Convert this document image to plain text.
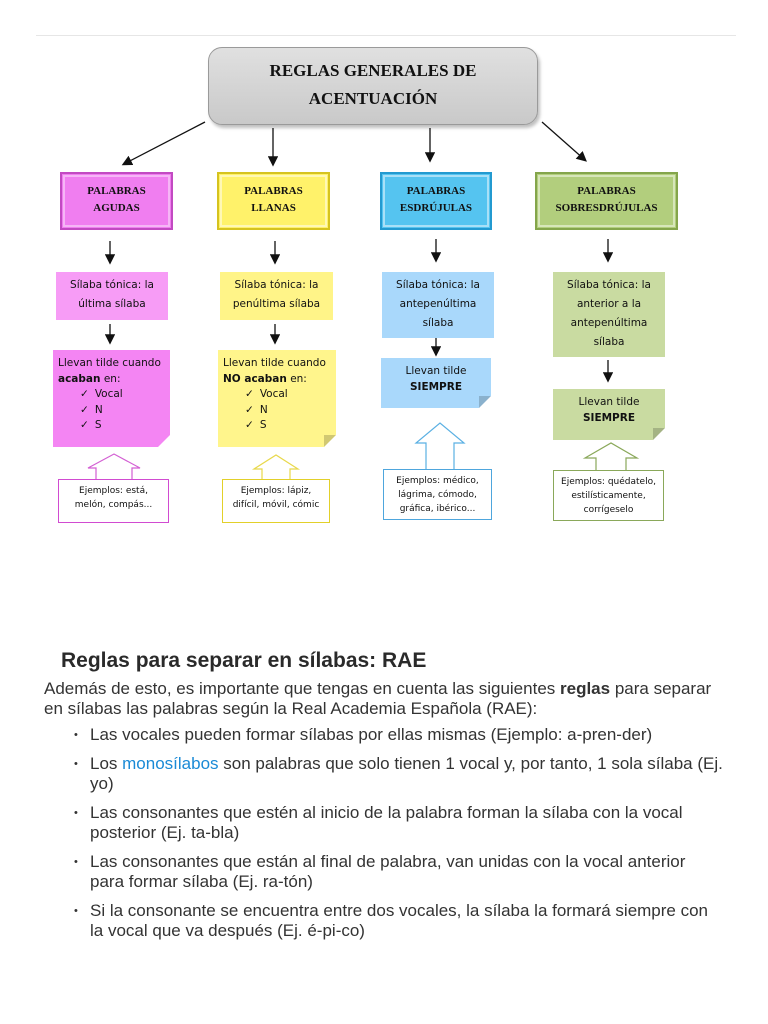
REGLAS GENERALES DE
ACENTUACIÓN
PALABRAS
AGUDAS
Sílaba tónica: la
última sílaba
Llevan tilde cuando
acaban en:
✓ Vocal
✓ N
✓ S
Ejemplos: está,
melón, compás...
PALABRAS
LLANAS
Sílaba tónica: la
penúltima sílaba
Llevan tilde cuando
NO acaban en:
✓ Vocal
✓ N
✓ S
Ejemplos: lápiz,
difícil, móvil, cómic
PALABRAS
ESDRÚJULAS
Sílaba tónica: la
antepenúltima
sílaba
Llevan tilde
SIEMPRE
Ejemplos: médico,
lágrima, cómodo,
gráfica, ibérico...
PALABRAS
SOBRESDRÚJULAS
Sílaba tónica: la
anterior a la
antepenúltima
sílaba
Llevan tilde
SIEMPRE
Ejemplos: quédatelo,
estilísticamente,
corrígeselo
Reglas para separar en sílabas: RAE

Además de esto, es importante que tengas en cuenta las siguientes reglas para separar en sílabas las palabras según la Real Academia Española (RAE):

• Las vocales pueden formar sílabas por ellas mismas (Ejemplo: a-pren-der)
• Los monosílabos son palabras que solo tienen 1 vocal y, por tanto, 1 sola sílaba (Ej. yo)
• Las consonantes que estén al inicio de la palabra forman la sílaba con la vocal posterior (Ej. ta-bla)
• Las consonantes que están al final de palabra, van unidas con la vocal anterior para formar sílaba (Ej. ra-tón)
• Si la consonante se encuentra entre dos vocales, la sílaba la formará siempre con la vocal que va después (Ej. é-pi-co)
